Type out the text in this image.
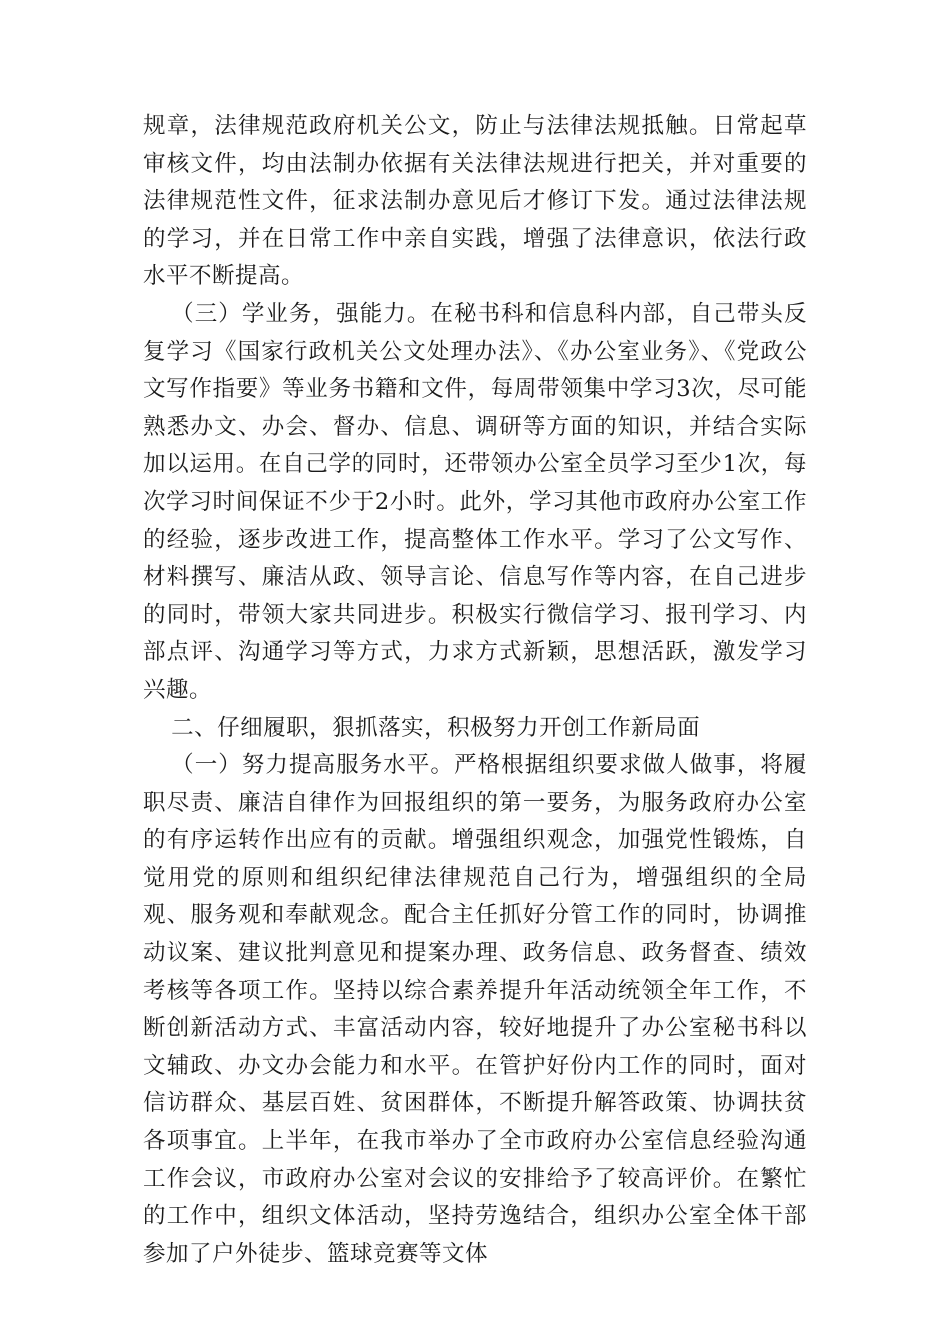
规章，法律规范政府机关公文，防止与法律法规抵触。日常起草审核文件，均由法制办依据有关法律法规进行把关，并对重要的法律规范性文件，征求法制办意见后才修订下发。通过法律法规的学习，并在日常工作中亲自实践，增强了法律意识，依法行政水平不断提高。

（三）学业务，强能力。在秘书科和信息科内部，自己带头反复学习《国家行政机关公文处理办法》、《办公室业务》、《党政公文写作指要》等业务书籍和文件，每周带领集中学习3次，尽可能熟悉办文、办会、督办、信息、调研等方面的知识，并结合实际加以运用。在自己学的同时，还带领办公室全员学习至少1次，每次学习时间保证不少于2小时。此外，学习其他市政府办公室工作的经验，逐步改进工作，提高整体工作水平。学习了公文写作、材料撰写、廉洁从政、领导言论、信息写作等内容，在自己进步的同时，带领大家共同进步。积极实行微信学习、报刊学习、内部点评、沟通学习等方式，力求方式新颖，思想活跃，激发学习兴趣。

二、仔细履职，狠抓落实，积极努力开创工作新局面

（一）努力提高服务水平。严格根据组织要求做人做事，将履职尽责、廉洁自律作为回报组织的第一要务，为服务政府办公室的有序运转作出应有的贡献。增强组织观念，加强党性锻炼，自觉用党的原则和组织纪律法律规范自己行为，增强组织的全局观、服务观和奉献观念。配合主任抓好分管工作的同时，协调推动议案、建议批判意见和提案办理、政务信息、政务督查、绩效考核等各项工作。坚持以综合素养提升年活动统领全年工作，不断创新活动方式、丰富活动内容，较好地提升了办公室秘书科以文辅政、办文办会能力和水平。在管护好份内工作的同时，面对信访群众、基层百姓、贫困群体，不断提升解答政策、协调扶贫各项事宜。上半年，在我市举办了全市政府办公室信息经验沟通工作会议，市政府办公室对会议的安排给予了较高评价。在繁忙的工作中，组织文体活动，坚持劳逸结合，组织办公室全体干部参加了户外徒步、篮球竞赛等文体
